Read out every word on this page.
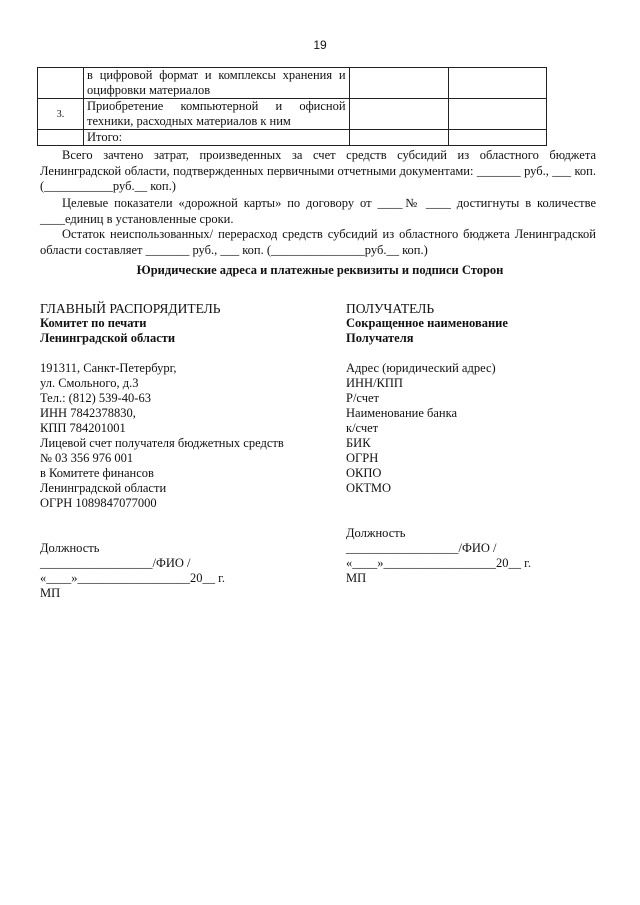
19
	в цифровой формат и комплексы хранения и оцифровки материалов		
3.	Приобретение компьютерной и офисной техники, расходных материалов к ним		
	Итого:		

Всего зачтено затрат, произведенных за счет средств субсидий из областного бюджета Ленинградской области, подтвержденных первичными отчетными документами: _______ руб., ___ коп. (___________руб.__ коп.)

Целевые показатели «дорожной карты» по договору от ____№ ____ достигнуты в количестве ____единиц в установленные сроки.

Остаток неиспользованных/ перерасход средств субсидий из областного бюджета Ленинградской области составляет _______ руб., ___ коп. (_______________руб.__ коп.)

Юридические адреса и платежные реквизиты и подписи Сторон
ГЛАВНЫЙ РАСПОРЯДИТЕЛЬ
Комитет по печати
Ленинградской области
191311, Санкт-Петербург,
ул. Смольного, д.3
Тел.: (812) 539-40-63
ИНН 7842378830,
КПП 784201001
Лицевой счет получателя бюджетных средств
№ 03 356 976 001
в Комитете финансов
Ленинградской области
ОГРН 1089847077000
Должность
__________________/ФИО /
«____»__________________20__ г.
МП
ПОЛУЧАТЕЛЬ
Сокращенное наименование
Получателя
Адрес (юридический адрес)
ИНН/КПП
Р/счет
Наименование банка
к/счет
БИК
ОГРН
ОКПО
ОКТМО
Должность
__________________/ФИО /
«____»__________________20__ г.
МП
